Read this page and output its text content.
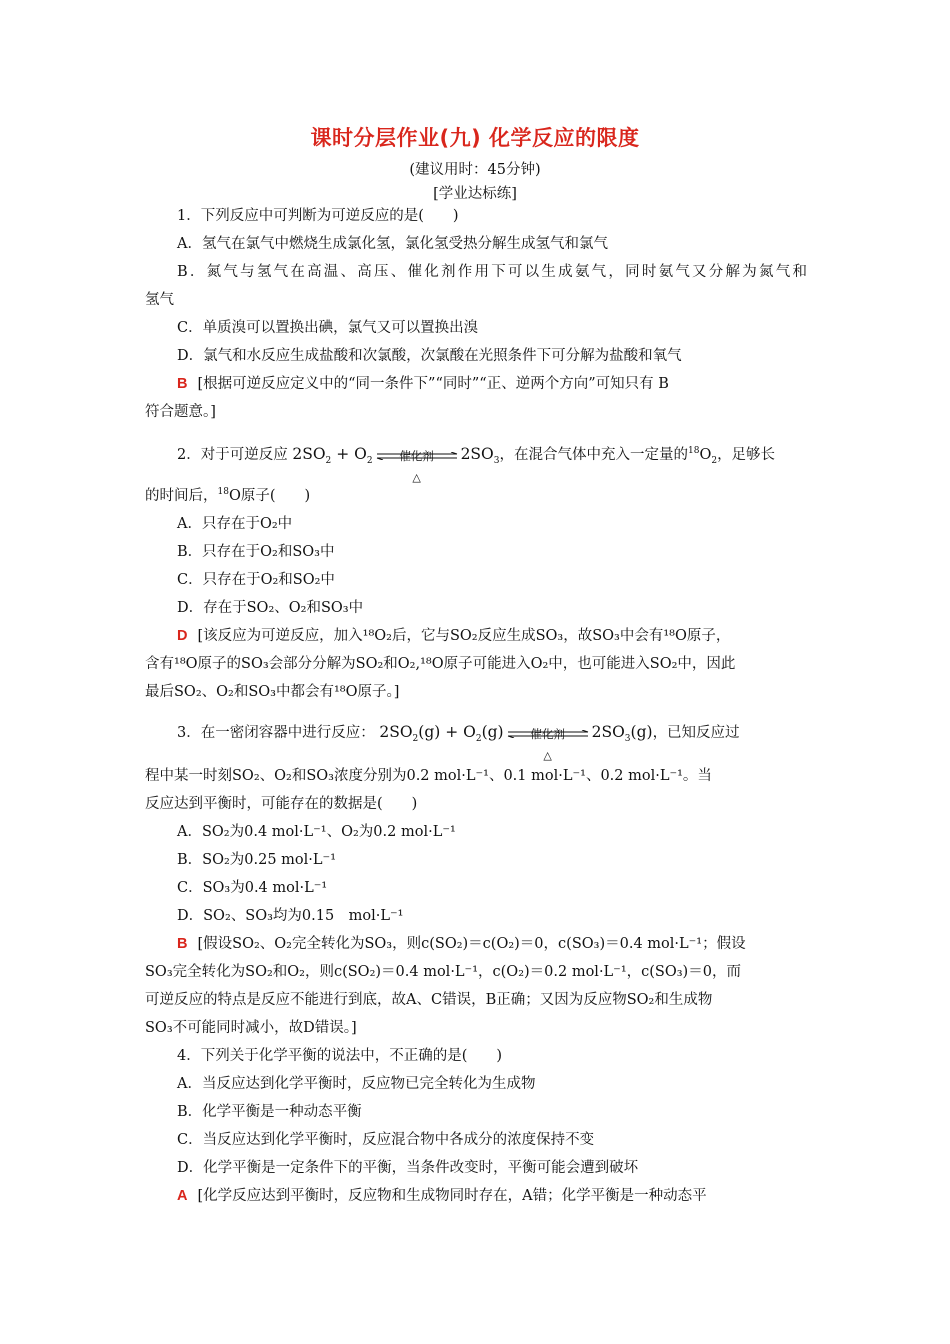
课时分层作业(九) 化学反应的限度
(建议用时：45分钟)
[学业达标练]
1．下列反应中可判断为可逆反应的是(　　)
A．氢气在氯气中燃烧生成氯化氢，氯化氢受热分解生成氢气和氯气
B．氮气与氢气在高温、高压、催化剂作用下可以生成氨气，同时氨气又分解为氮气和
氢气
C．单质溴可以置换出碘，氯气又可以置换出溴
D．氯气和水反应生成盐酸和次氯酸，次氯酸在光照条件下可分解为盐酸和氧气
B [根据可逆反应定义中的“同一条件下”“同时”“正、逆两个方向”可知只有 B
符合题意。]
2．对于可逆反应 $2SO_2 + O_2$	催化剂
△
$2SO_3$，在混合气体中充入一定量的$^{18}O_2$，足够长
的时间后，$^{18}$O原子(　　)
A．只存在于O₂中
B．只存在于O₂和SO₃中
C．只存在于O₂和SO₂中
D．存在于SO₂、O₂和SO₃中
D [该反应为可逆反应，加入¹⁸O₂后，它与SO₂反应生成SO₃，故SO₃中会有¹⁸O原子，
含有¹⁸O原子的SO₃会部分分解为SO₂和O₂,¹⁸O原子可能进入O₂中，也可能进入SO₂中，因此
最后SO₂、O₂和SO₃中都会有¹⁸O原子。]
3．在一密闭容器中进行反应： $2SO_2(g) + O_2(g)$	催化剂
△
$2SO_3(g)$，已知反应过
程中某一时刻SO₂、O₂和SO₃浓度分别为0.2 mol·L⁻¹、0.1 mol·L⁻¹、0.2 mol·L⁻¹。当
反应达到平衡时，可能存在的数据是(　　)
A．SO₂为0.4 mol·L⁻¹、O₂为0.2 mol·L⁻¹
B．SO₂为0.25 mol·L⁻¹
C．SO₃为0.4 mol·L⁻¹
D．SO₂、SO₃均为0.15　mol·L⁻¹
B [假设SO₂、O₂完全转化为SO₃，则c(SO₂)＝c(O₂)＝0，c(SO₃)＝0.4 mol·L⁻¹；假设
SO₃完全转化为SO₂和O₂，则c(SO₂)＝0.4 mol·L⁻¹，c(O₂)＝0.2 mol·L⁻¹，c(SO₃)＝0，而
可逆反应的特点是反应不能进行到底，故A、C错误，B正确；又因为反应物SO₂和生成物
SO₃不可能同时减小，故D错误。]
4．下列关于化学平衡的说法中，不正确的是(　　)
A．当反应达到化学平衡时，反应物已完全转化为生成物
B．化学平衡是一种动态平衡
C．当反应达到化学平衡时，反应混合物中各成分的浓度保持不变
D．化学平衡是一定条件下的平衡，当条件改变时，平衡可能会遭到破坏
A [化学反应达到平衡时，反应物和生成物同时存在，A错；化学平衡是一种动态平
